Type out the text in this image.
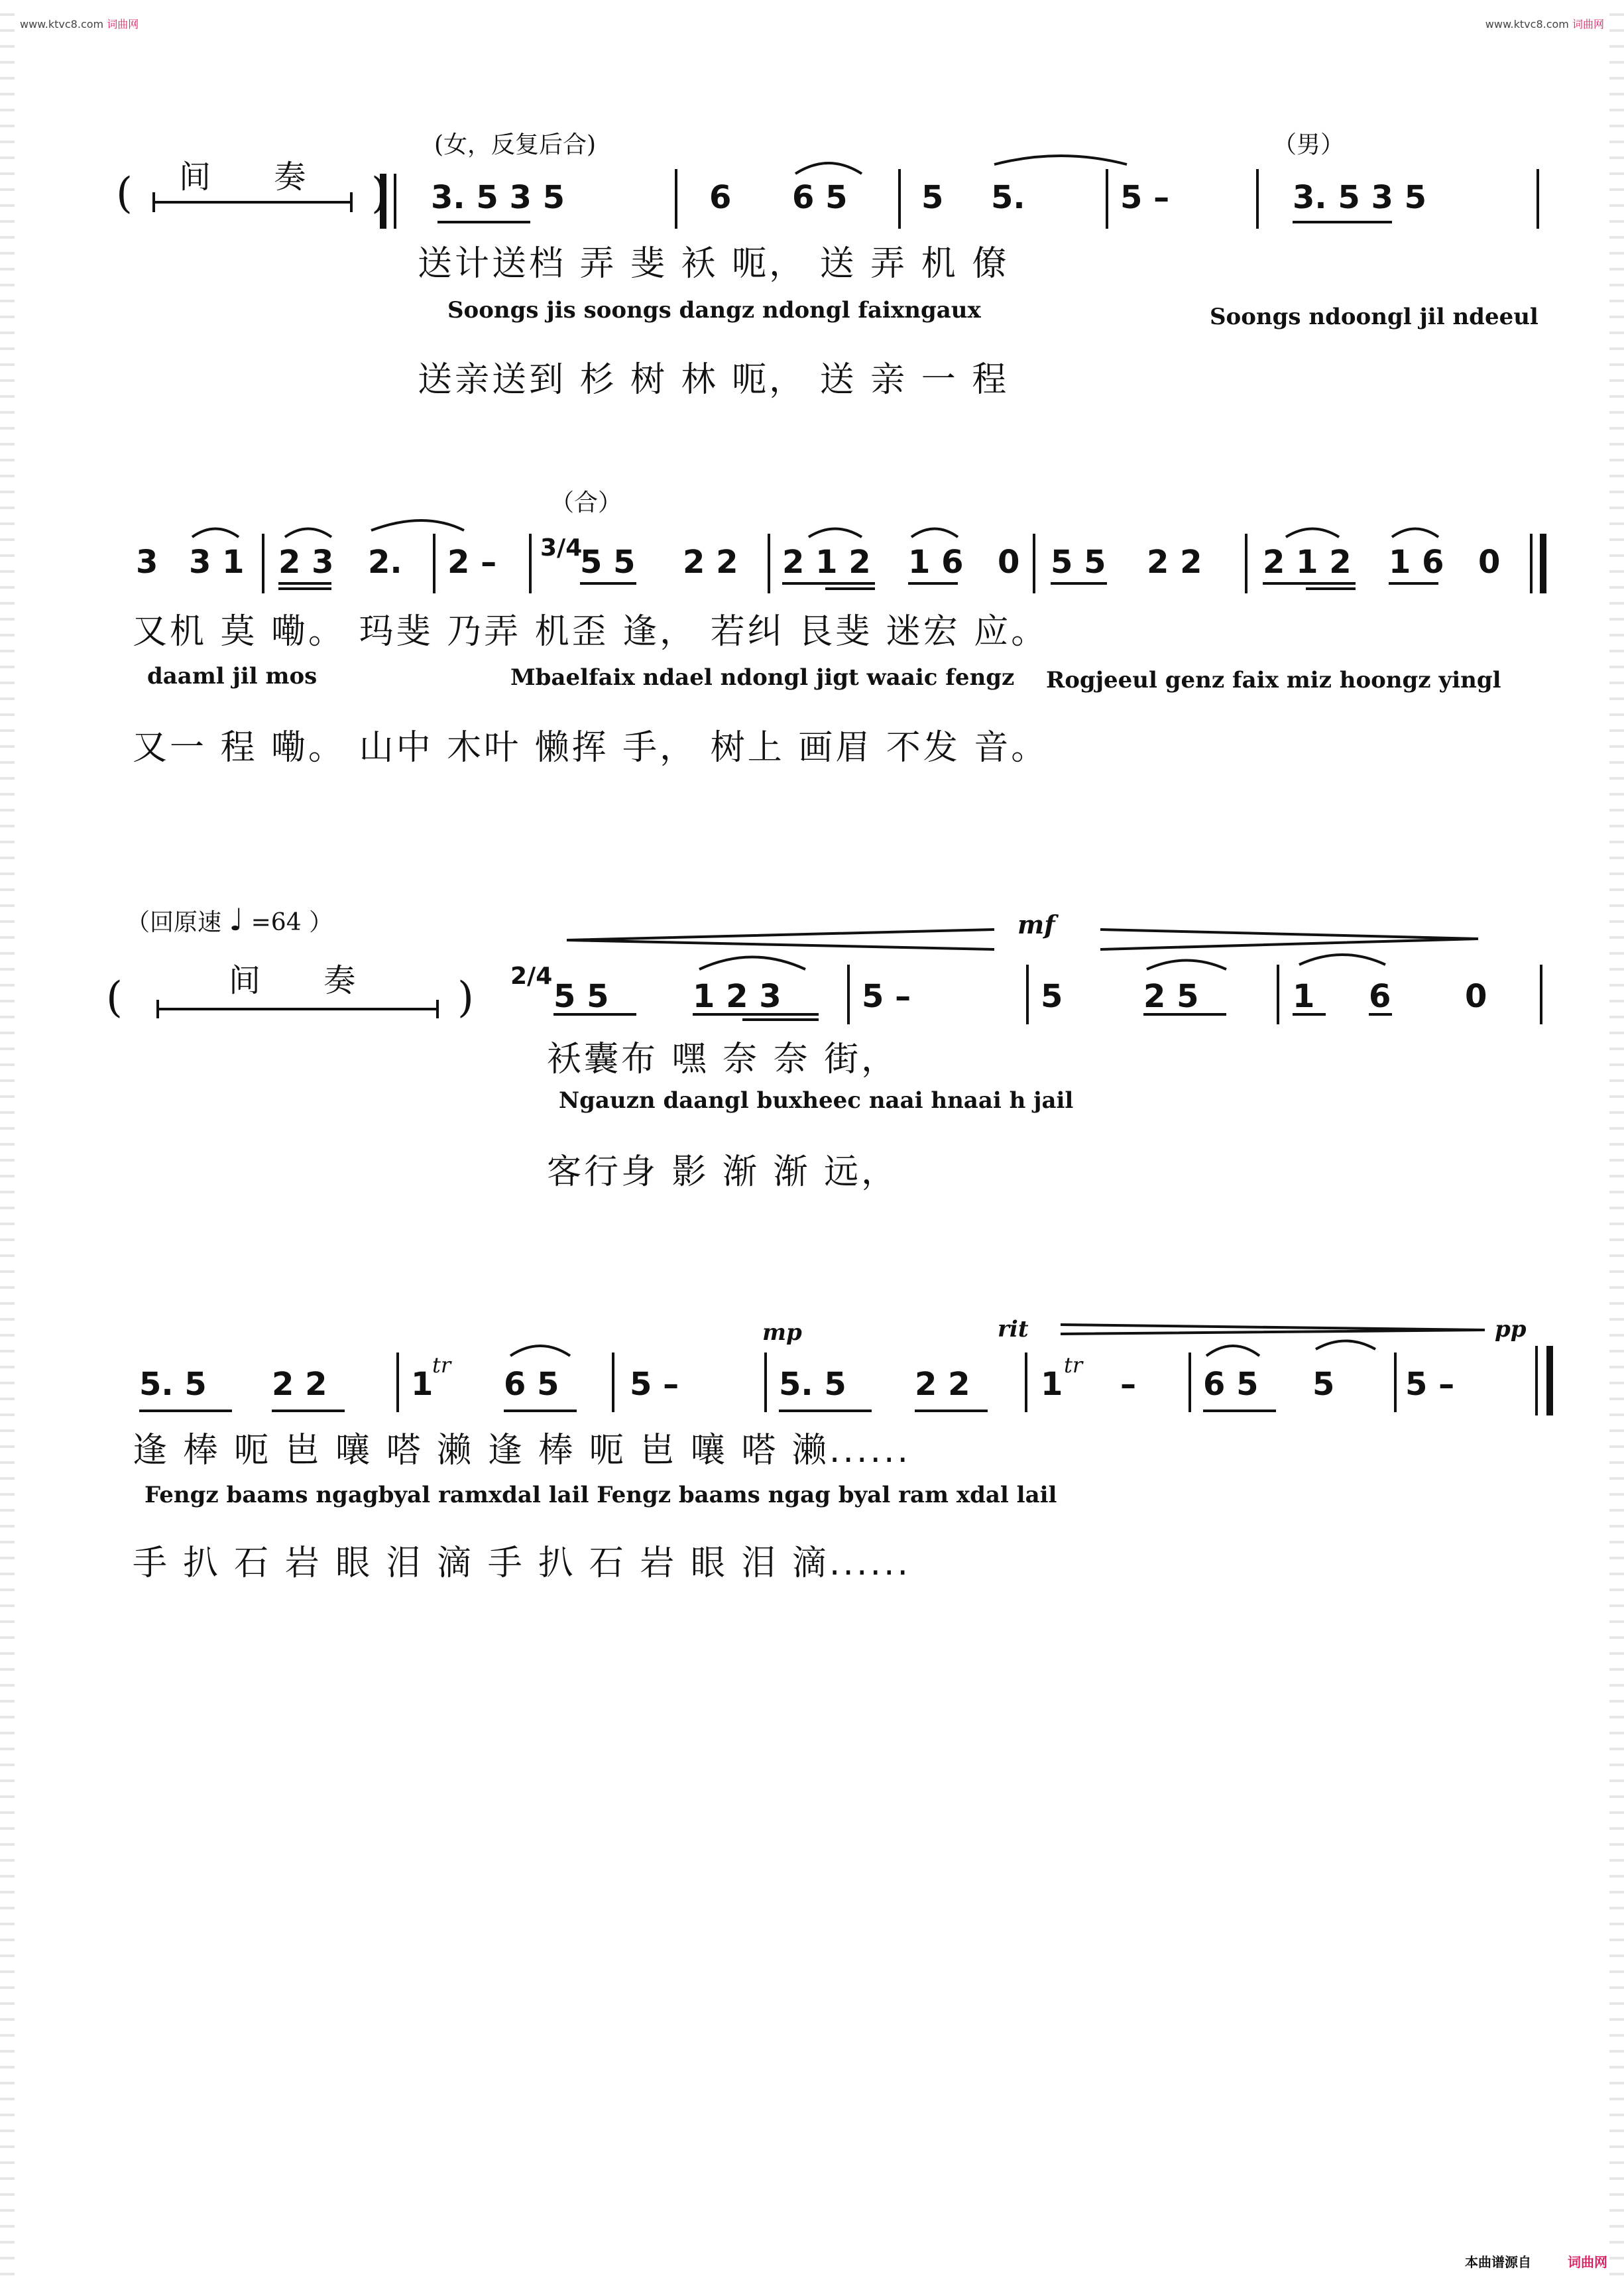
www.ktvc8.com 词曲网	www.ktvc8.com 词曲网
(女，反复后合)	（男）
( 间 奏 ) 3. 5 3 5	6 6 5 5 5.	5 –	3. 5 3 5
送计送档 弄 斐 袄 呃， 送 弄 机 僚
Soongs jis soongs dangz ndongl faixngaux	Soongs ndoongl jil ndeeul
送亲送到 杉 树 林 呃， 送 亲 一 程
（合）
3 3 1 2 3 2. 2 – 3/4
5 5 2 2 2 1 2 1 6 0 5 5 2 2 2 1 2 1 6 0
又机 莫 嘞。 玛斐 乃弄 机歪 逢， 若纠 艮斐 迷宏 应。
daaml jil mos	Mbaelfaix ndael ndongl jigt waaic fengz Rogjeeul genz faix miz hoongz yingl
又一 程 嘞。 山中 木叶 懒挥 手， 树上 画眉 不发 音。
（回原速 ♩ =64 ）	mf
(	间 奏 ) 2/4
5 5	1 2 3	5 –	5	2 5	1 6 0
袄囊布 嘿 奈 奈 街，
Ngauzn daangl buxheec naai hnaai h jail
客行身 影 渐 渐 远，
mp	rit	pp
5. 5 2 2	1
tr
6 5 5 –	5. 5 2 2 1
tr
– 6 5 5 5 –
逢 棒 呃 岜 嚷 嗒 濑 逢 棒 呃 岜 嚷 嗒 濑......
Fengz baams ngagbyal ramxdal lail Fengz baams ngag byal ram xdal lail
手 扒 石 岩 眼 泪 滴 手 扒 石 岩 眼 泪 滴......
本曲谱源自	词曲网
